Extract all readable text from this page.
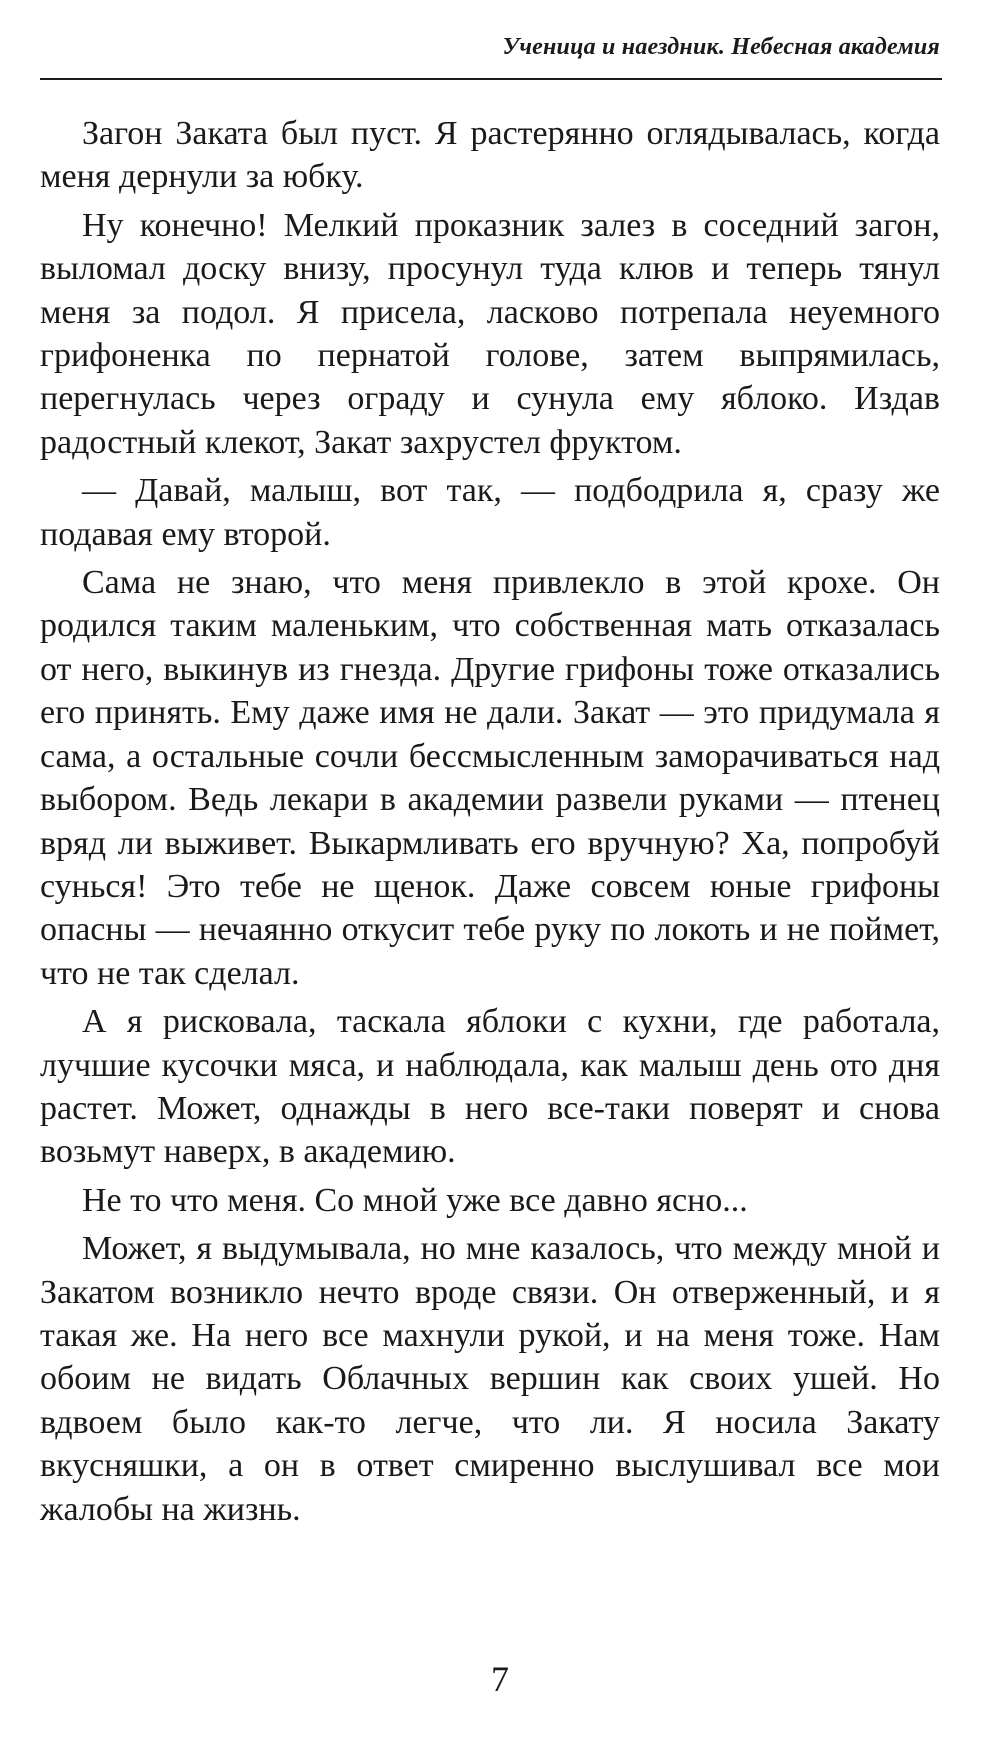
Ученица и наездник. Небесная академия

Загон Заката был пуст. Я растерянно оглядывалась, когда меня дернули за юбку.

Ну конечно! Мелкий проказник залез в соседний загон, выломал доску внизу, просунул туда клюв и теперь тянул меня за подол. Я присела, ласково потрепала неуемного грифоненка по пернатой голове, затем выпрямилась, перегнулась через ограду и сунула ему яблоко. Издав радостный клекот, Закат захрустел фруктом.

— Давай, малыш, вот так, — подбодрила я, сразу же подавая ему второй.

Сама не знаю, что меня привлекло в этой крохе. Он родился таким маленьким, что собственная мать отказалась от него, выкинув из гнезда. Другие грифоны тоже отказались его принять. Ему даже имя не дали. Закат — это придумала я сама, а остальные сочли бессмысленным заморачиваться над выбором. Ведь лекари в академии развели руками — птенец вряд ли выживет. Выкармливать его вручную? Ха, попробуй сунься! Это тебе не щенок. Даже совсем юные грифоны опасны — нечаянно откусит тебе руку по локоть и не поймет, что не так сделал.

А я рисковала, таскала яблоки с кухни, где работала, лучшие кусочки мяса, и наблюдала, как малыш день ото дня растет. Может, однажды в него все-таки поверят и снова возьмут наверх, в академию.

Не то что меня. Со мной уже все давно ясно...

Может, я выдумывала, но мне казалось, что между мной и Закатом возникло нечто вроде связи. Он отверженный, и я такая же. На него все махнули рукой, и на меня тоже. Нам обоим не видать Облачных вершин как своих ушей. Но вдвоем было как-то легче, что ли. Я носила Закату вкусняшки, а он в ответ смиренно выслушивал все мои жалобы на жизнь.

7
